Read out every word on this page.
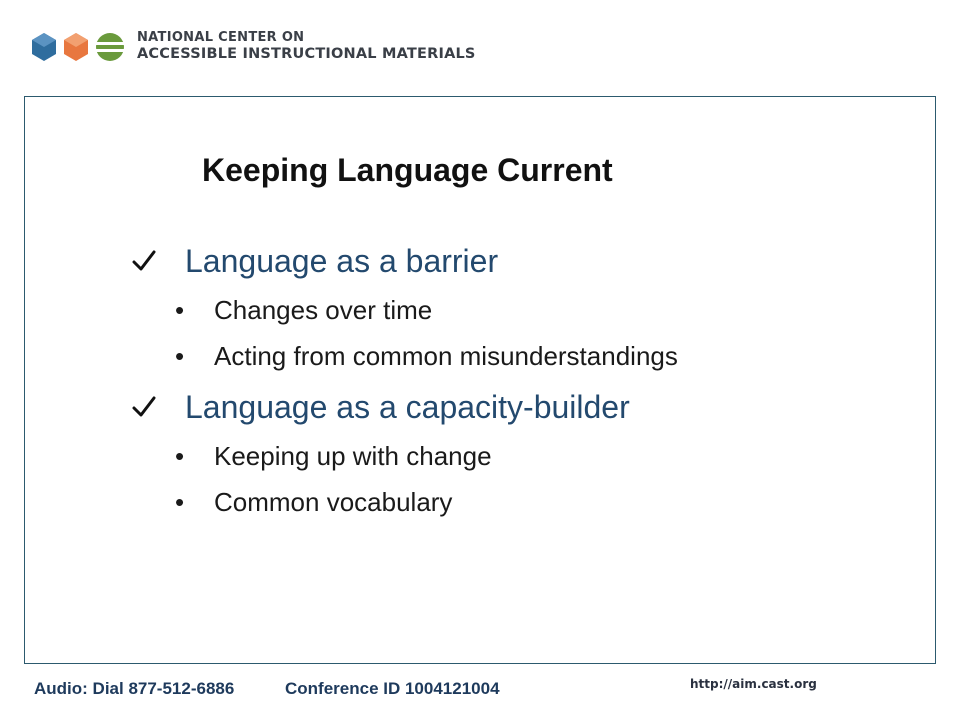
NATIONAL CENTER ON
ACCESSIBLE INSTRUCTIONAL MATERIALS
Keeping Language Current
Language as a barrier
• Changes over time
• Acting from common misunderstandings
Language as a capacity-builder
• Keeping up with change
• Common vocabulary
Audio: Dial 877-512-6886	Conference ID 1004121004	http://aim.cast.org
